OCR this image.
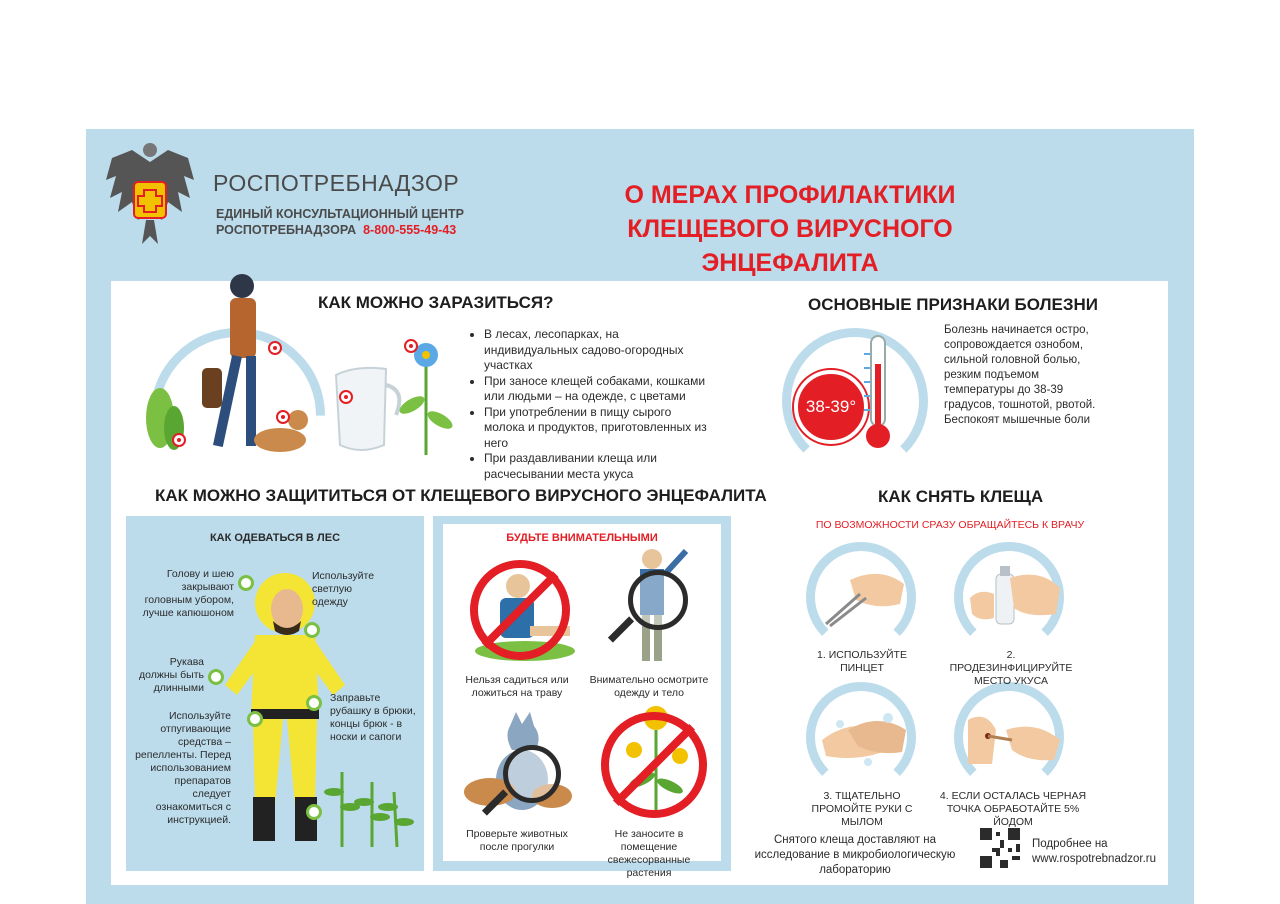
РОСПОТРЕБНАДЗОР
ЕДИНЫЙ КОНСУЛЬТАЦИОННЫЙ ЦЕНТР
РОСПОТРЕБНАДЗОРА 8-800-555-49-43
О МЕРАХ ПРОФИЛАКТИКИ
КЛЕЩЕВОГО ВИРУСНОГО ЭНЦЕФАЛИТА
КАК МОЖНО ЗАРАЗИТЬСЯ?
• В лесах, лесопарках, на индивидуальных садово-огородных участках
• При заносе клещей собаками, кошками или людьми – на одежде, с цветами
• При употреблении в пищу сырого молока и продуктов, приготовленных из него
• При раздавливании клеща или расчесывании места укуса
ОСНОВНЫЕ ПРИЗНАКИ БОЛЕЗНИ
38-39°
Болезнь начинается остро, сопровождается ознобом, сильной головной болью, резким подъемом температуры до 38-39 градусов, тошнотой, рвотой. Беспокоят мышечные боли
КАК МОЖНО ЗАЩИТИТЬСЯ ОТ КЛЕЩЕВОГО ВИРУСНОГО ЭНЦЕФАЛИТА
КАК ОДЕВАТЬСЯ В ЛЕС
Голову и шею закрывают головным убором, лучше капюшоном
Используйте светлую одежду
Рукава должны быть длинными
Заправьте рубашку в брюки, концы брюк - в носки и сапоги
Используйте отпугивающие средства – репелленты. Перед использованием препаратов следует ознакомиться с инструкцией.
БУДЬТЕ ВНИМАТЕЛЬНЫМИ
Нельзя садиться или ложиться на траву
Внимательно осмотрите одежду и тело
Проверьте животных после прогулки
Не заносите в помещение свежесорванные растения
КАК СНЯТЬ КЛЕЩА
ПО ВОЗМОЖНОСТИ СРАЗУ ОБРАЩАЙТЕСЬ К ВРАЧУ
1. ИСПОЛЬЗУЙТЕ ПИНЦЕТ
2. ПРОДЕЗИНФИЦИРУЙТЕ МЕСТО УКУСА
3. ТЩАТЕЛЬНО ПРОМОЙТЕ РУКИ С МЫЛОМ
4. ЕСЛИ ОСТАЛАСЬ ЧЕРНАЯ ТОЧКА ОБРАБОТАЙТЕ 5% ЙОДОМ
Снятого клеща доставляют на исследование в микробиологическую лабораторию
Подробнее на
www.rospotrebnadzor.ru
